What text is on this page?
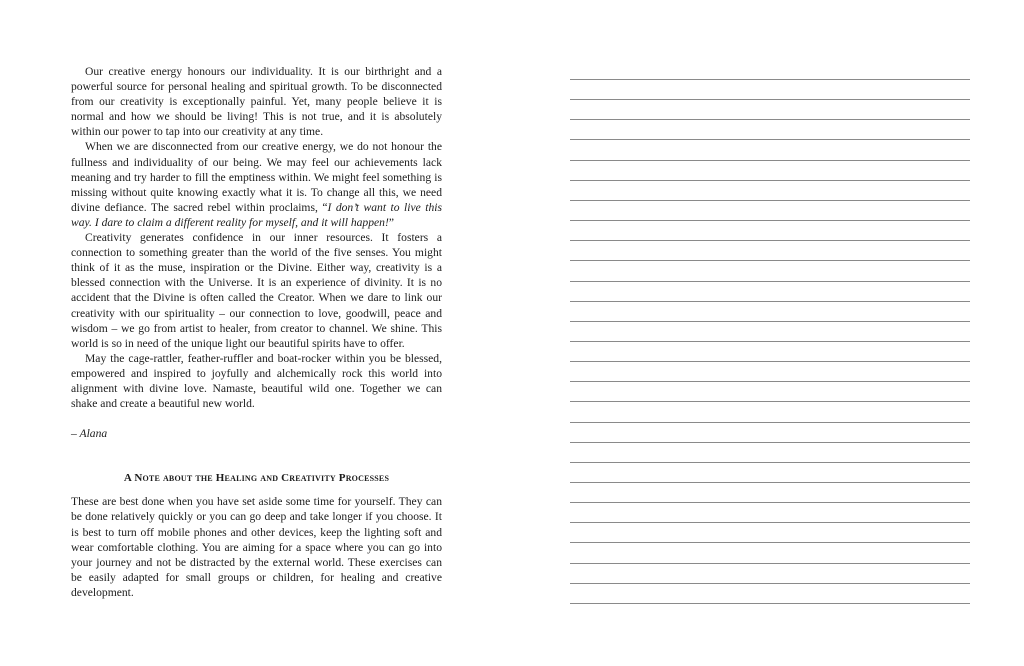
Our creative energy honours our individuality. It is our birthright and a powerful source for personal healing and spiritual growth. To be disconnected from our creativity is exceptionally painful. Yet, many people believe it is normal and how we should be living! This is not true, and it is absolutely within our power to tap into our creativity at any time.

When we are disconnected from our creative energy, we do not honour the fullness and individuality of our being. We may feel our achievements lack meaning and try harder to fill the emptiness within. We might feel something is missing without quite knowing exactly what it is. To change all this, we need divine defiance. The sacred rebel within proclaims, “I don’t want to live this way. I dare to claim a different reality for myself, and it will happen!”

Creativity generates confidence in our inner resources. It fosters a connection to something greater than the world of the five senses. You might think of it as the muse, inspiration or the Divine. Either way, creativity is a blessed connection with the Universe. It is an experience of divinity. It is no accident that the Divine is often called the Creator. When we dare to link our creativity with our spirituality – our connection to love, goodwill, peace and wisdom – we go from artist to healer, from creator to channel. We shine. This world is so in need of the unique light our beautiful spirits have to offer.

May the cage-rattler, feather-ruffler and boat-rocker within you be blessed, empowered and inspired to joyfully and alchemically rock this world into alignment with divine love. Namaste, beautiful wild one. Together we can shake and create a beautiful new world.

– Alana
A Note about the Healing and Creativity Processes

These are best done when you have set aside some time for yourself. They can be done relatively quickly or you can go deep and take longer if you choose. It is best to turn off mobile phones and other devices, keep the lighting soft and wear comfortable clothing. You are aiming for a space where you can go into your journey and not be distracted by the external world. These exercises can be easily adapted for small groups or children, for healing and creative development.
